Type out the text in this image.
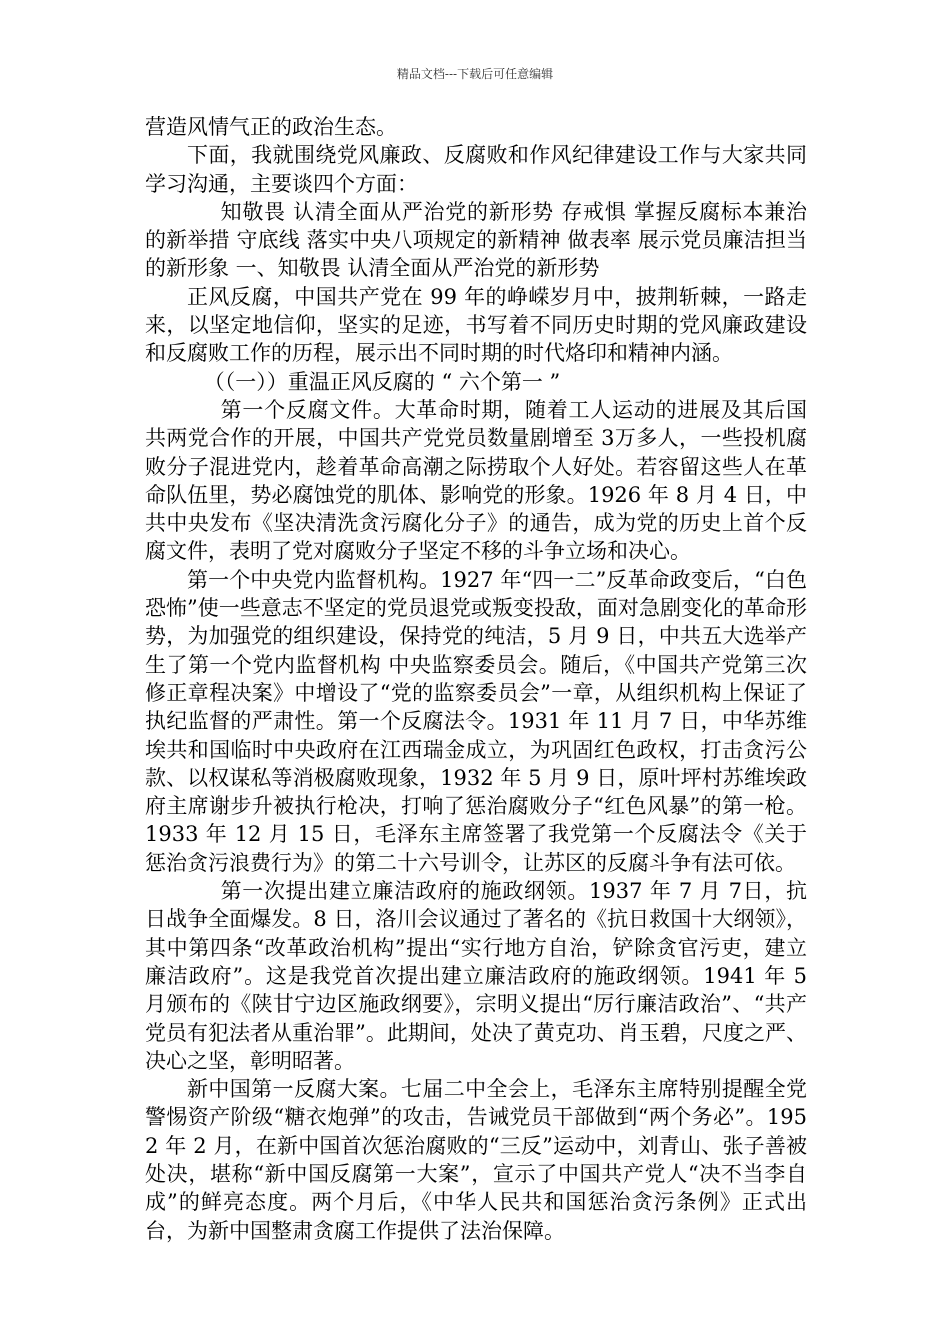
精品文档---下载后可任意编辑

营造风情气正的政治生态。

下面，我就围绕党风廉政、反腐败和作风纪律建设工作与大家共同学习沟通，主要谈四个方面：

知敬畏 认清全面从严治党的新形势 存戒惧 掌握反腐标本兼治的新举措 守底线 落实中央八项规定的新精神 做表率 展示党员廉洁担当的新形象 一、知敬畏 认清全面从严治党的新形势

正风反腐，中国共产党在 99 年的峥嵘岁月中，披荆斩棘，一路走来，以坚定地信仰，坚实的足迹，书写着不同历史时期的党风廉政建设和反腐败工作的历程，展示出不同时期的时代烙印和精神内涵。

（（一））重温正风反腐的 “ 六个第一 ”

第一个反腐文件。大革命时期，随着工人运动的进展及其后国共两党合作的开展，中国共产党党员数量剧增至 3万多人，一些投机腐败分子混进党内，趁着革命高潮之际捞取个人好处。若容留这些人在革命队伍里，势必腐蚀党的肌体、影响党的形象。1926 年 8 月 4 日，中共中央发布《坚决清洗贪污腐化分子》的通告，成为党的历史上首个反腐文件，表明了党对腐败分子坚定不移的斗争立场和决心。

第一个中央党内监督机构。1927 年“四一二”反革命政变后，“白色恐怖”使一些意志不坚定的党员退党或叛变投敌，面对急剧变化的革命形势，为加强党的组织建设，保持党的纯洁，5 月 9 日，中共五大选举产生了第一个党内监督机构 中央监察委员会。随后，《中国共产党第三次修正章程决案》中增设了“党的监察委员会”一章，从组织机构上保证了执纪监督的严肃性。第一个反腐法令。1931 年 11 月 7 日，中华苏维埃共和国临时中央政府在江西瑞金成立，为巩固红色政权，打击贪污公款、以权谋私等消极腐败现象，1932 年 5 月 9 日，原叶坪村苏维埃政府主席谢步升被执行枪决，打响了惩治腐败分子“红色风暴”的第一枪。1933 年 12 月 15 日，毛泽东主席签署了我党第一个反腐法令《关于惩治贪污浪费行为》的第二十六号训令，让苏区的反腐斗争有法可依。

第一次提出建立廉洁政府的施政纲领。1937 年 7 月 7日，抗日战争全面爆发。8 日，洛川会议通过了著名的《抗日救国十大纲领》，其中第四条“改革政治机构”提出“实行地方自治，铲除贪官污吏，建立廉洁政府”。这是我党首次提出建立廉洁政府的施政纲领。1941 年 5 月颁布的《陕甘宁边区施政纲要》，宗明义提出“厉行廉洁政治”、“共产党员有犯法者从重治罪”。此期间，处决了黄克功、肖玉碧，尺度之严、决心之坚，彰明昭著。

新中国第一反腐大案。七届二中全会上，毛泽东主席特别提醒全党警惕资产阶级“糖衣炮弹”的攻击，告诫党员干部做到“两个务必”。1952 年 2 月，在新中国首次惩治腐败的“三反”运动中，刘青山、张子善被处决，堪称“新中国反腐第一大案”，宣示了中国共产党人“决不当李自成”的鲜亮态度。两个月后，《中华人民共和国惩治贪污条例》正式出台，为新中国整肃贪腐工作提供了法治保障。
